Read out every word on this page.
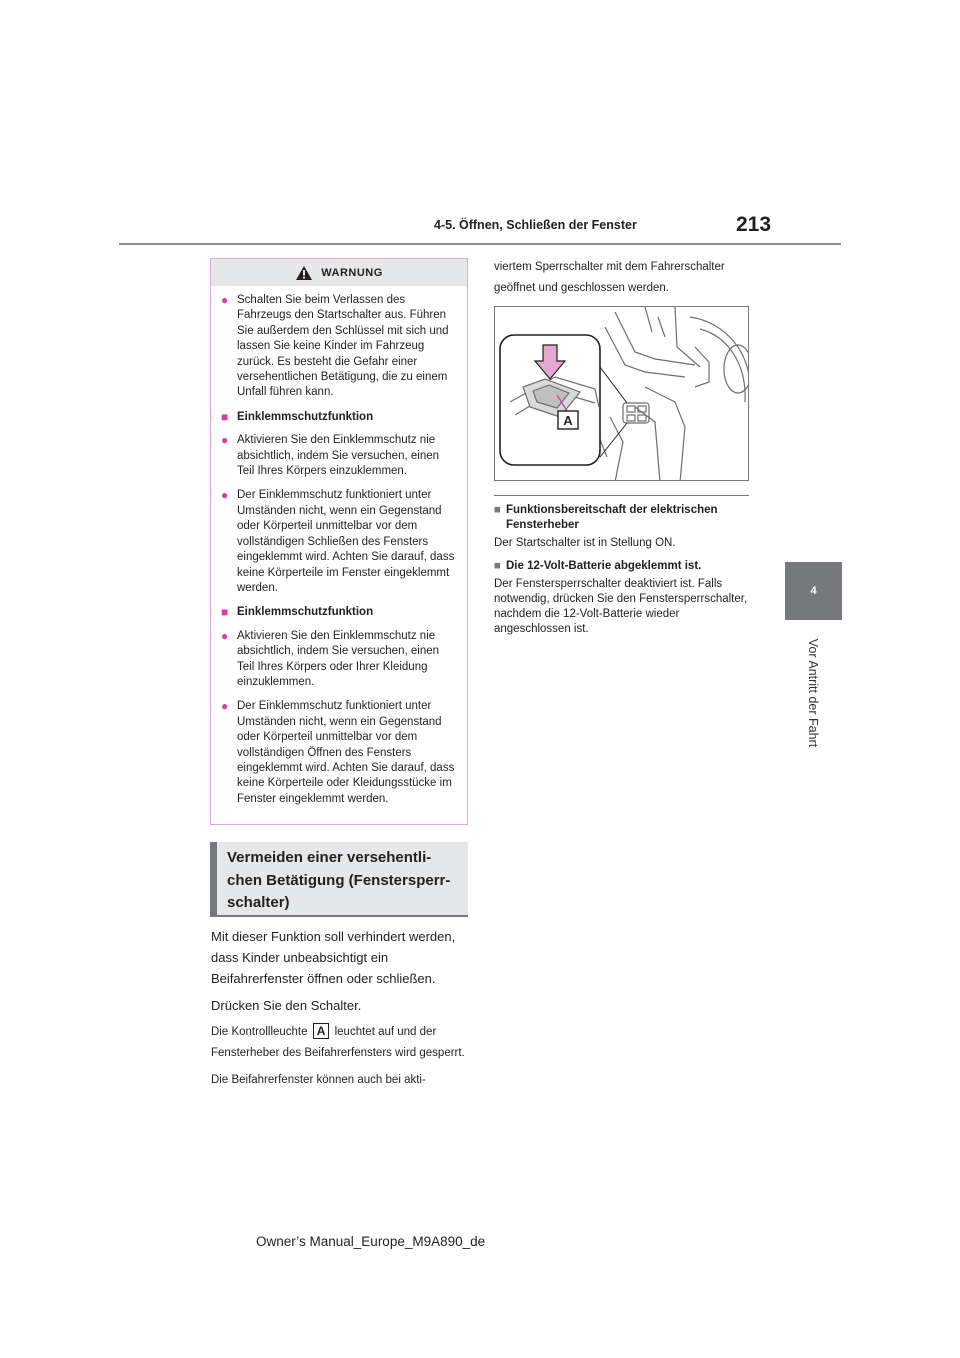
4-5. Öffnen, Schließen der Fenster	213
4
Vor Antritt der Fahrt
WARNUNG
● Schalten Sie beim Verlassen des Fahrzeugs den Startschalter aus. Führen Sie außerdem den Schlüssel mit sich und lassen Sie keine Kinder im Fahrzeug zurück. Es besteht die Gefahr einer versehentlichen Betätigung, die zu einem Unfall führen kann.
■ Einklemmschutzfunktion
● Aktivieren Sie den Einklemmschutz nie absichtlich, indem Sie versuchen, einen Teil Ihres Körpers einzuklemmen.
● Der Einklemmschutz funktioniert unter Umständen nicht, wenn ein Gegenstand oder Körperteil unmittelbar vor dem vollständigen Schließen des Fensters eingeklemmt wird. Achten Sie darauf, dass keine Körperteile im Fenster eingeklemmt werden.
■ Einklemmschutzfunktion
● Aktivieren Sie den Einklemmschutz nie absichtlich, indem Sie versuchen, einen Teil Ihres Körpers oder Ihrer Kleidung einzuklemmen.
● Der Einklemmschutz funktioniert unter Umständen nicht, wenn ein Gegenstand oder Körperteil unmittelbar vor dem vollständigen Öffnen des Fensters eingeklemmt wird. Achten Sie darauf, dass keine Körperteile oder Kleidungsstücke im Fenster eingeklemmt werden.
Vermeiden einer versehentli-chen Betätigung (Fenstersperr-schalter)

Mit dieser Funktion soll verhindert werden, dass Kinder unbeabsichtigt ein Beifahrerfenster öffnen oder schließen.

Drücken Sie den Schalter.

Die Kontrollleuchte A leuchtet auf und der Fensterheber des Beifahrerfensters wird gesperrt.

Die Beifahrerfenster können auch bei akti-

viertem Sperrschalter mit dem Fahrerschalter geöffnet und geschlossen werden.

A
■ Funktionsbereitschaft der elektrischen Fensterheber
Der Startschalter ist in Stellung ON.
■ Die 12-Volt-Batterie abgeklemmt ist.
Der Fenstersperrschalter deaktiviert ist. Falls notwendig, drücken Sie den Fenstersperrschalter, nachdem die 12-Volt-Batterie wieder angeschlossen ist.
Owner’s Manual_Europe_M9A890_de
